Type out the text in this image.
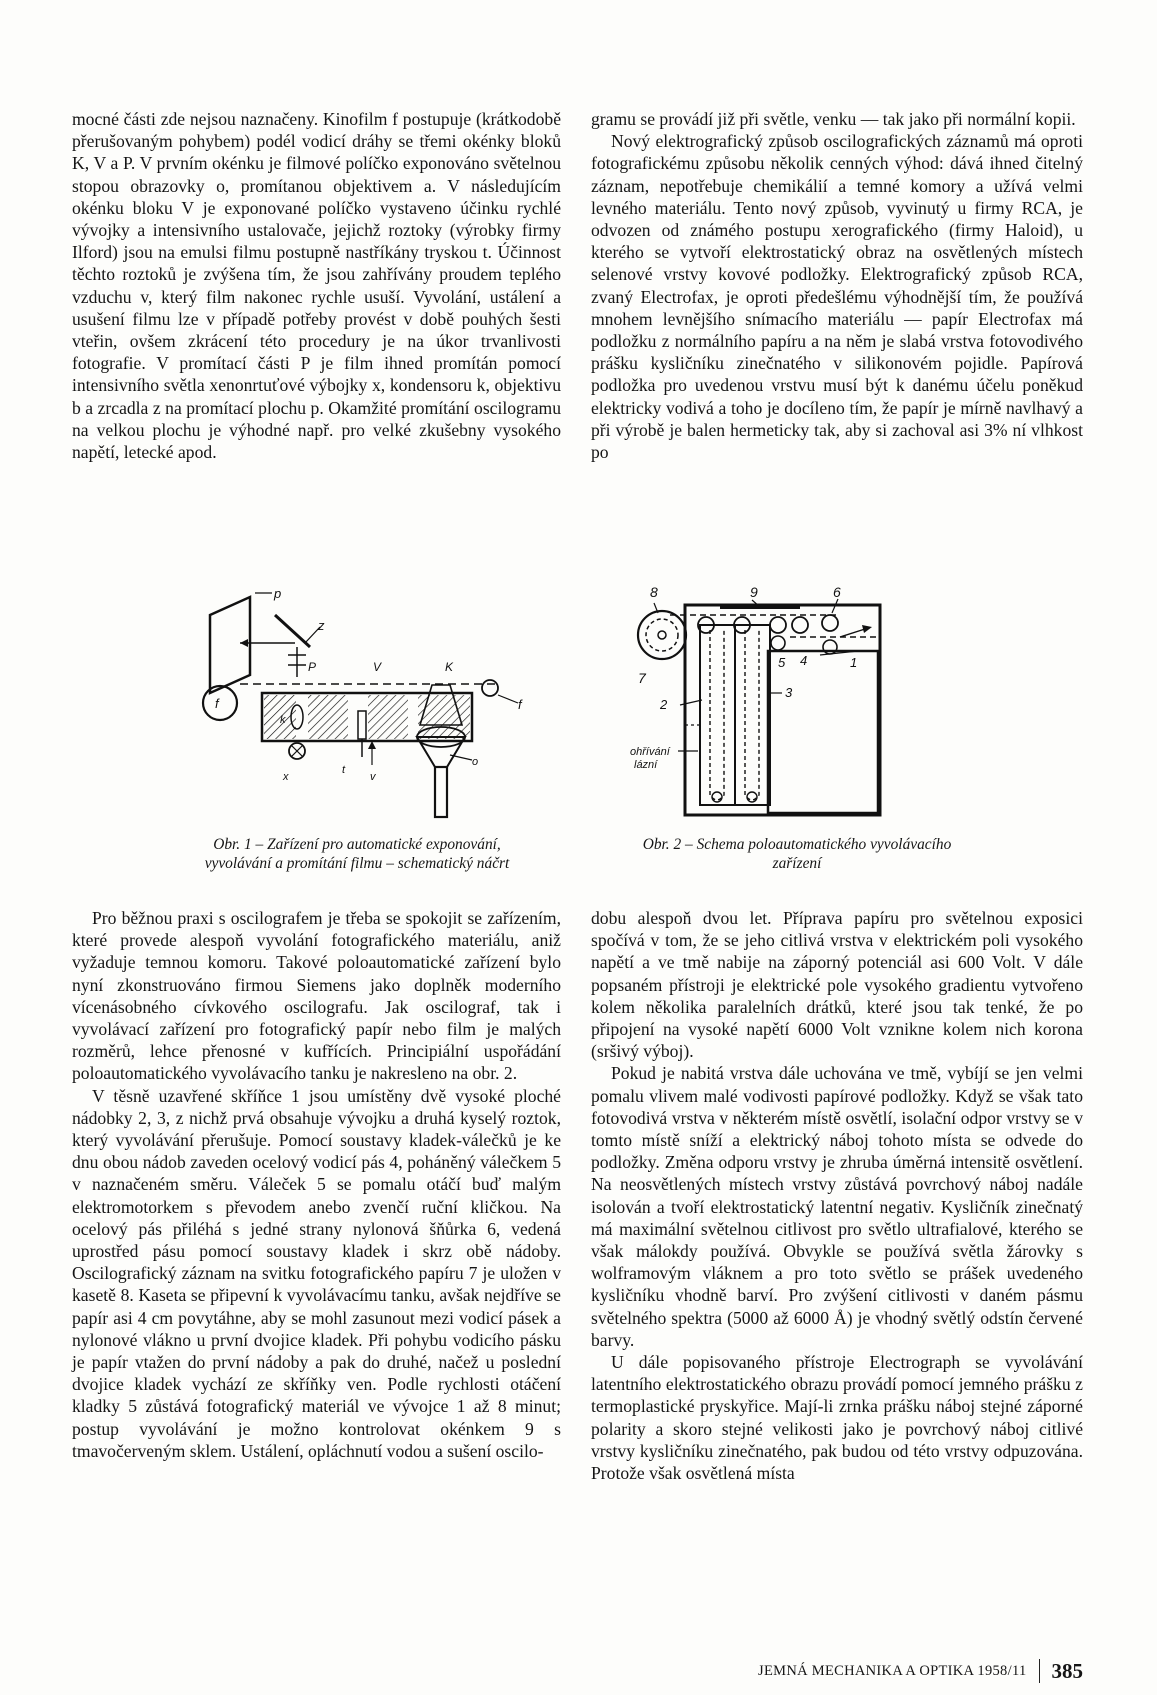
mocné části zde nejsou naznačeny. Kinofilm f postupuje (krátkodobě přerušovaným pohybem) podél vodicí dráhy se třemi okénky bloků K, V a P. V prvním okénku je filmové políčko exponováno světelnou stopou obrazovky o, promítanou objektivem a. V následujícím okénku bloku V je exponované políčko vystaveno účinku rychlé vývojky a intensivního ustalovače, jejichž roztoky (výrobky firmy Ilford) jsou na emulsi filmu postupně nastříkány tryskou t. Účinnost těchto roztoků je zvýšena tím, že jsou zahřívány proudem teplého vzduchu v, který film nakonec rychle usuší. Vyvolání, ustálení a usušení filmu lze v případě potřeby provést v době pouhých šesti vteřin, ovšem zkrácení této procedury je na úkor trvanlivosti fotografie. V promítací části P je film ihned promítán pomocí intensivního světla xenonrtuťové výbojky x, kondensoru k, objektivu b a zrcadla z na promítací plochu p. Okamžité promítání oscilogramu na velkou plochu je výhodné např. pro velké zkušebny vysokého napětí, letecké apod.

gramu se provádí již při světle, venku — tak jako při normální kopii.

Nový elektrografický způsob oscilografických záznamů má oproti fotografickému způsobu několik cenných výhod: dává ihned čitelný záznam, nepotřebuje chemikálií a temné komory a užívá velmi levného materiálu. Tento nový způsob, vyvinutý u firmy RCA, je odvozen od známého postupu xerografického (firmy Haloid), u kterého se vytvoří elektrostatický obraz na osvětlených místech selenové vrstvy kovové podložky. Elektrografický způsob RCA, zvaný Electrofax, je oproti předešlému výhodnější tím, že používá mnohem levnějšího snímacího materiálu — papír Electrofax má podložku z normálního papíru a na něm je slabá vrstva fotovodivého prášku kysličníku zinečnatého v silikonovém pojidle. Papírová podložka pro uvedenou vrstvu musí být k danému účelu poněkud elektricky vodivá a toho je docíleno tím, že papír je mírně navlhavý a při výrobě je balen hermeticky tak, aby si zachoval asi 3% ní vlhkost po

p
z
P	V	K
f	f
k
x
t
v
o
Obr. 1 – Zařízení pro automatické exponování, vyvolávání a promítání filmu – schematický náčrt
8	9	6
7
5 4	1
2
3
ohřívání
lázní
Obr. 2 – Schema poloautomatického vyvolávacího zařízení

Pro běžnou praxi s oscilografem je třeba se spokojit se zařízením, které provede alespoň vyvolání fotografického materiálu, aniž vyžaduje temnou komoru. Takové poloautomatické zařízení bylo nyní zkonstruováno firmou Siemens jako doplněk moderního vícenásobného cívkového oscilografu. Jak oscilograf, tak i vyvolávací zařízení pro fotografický papír nebo film je malých rozměrů, lehce přenosné v kufřících. Principiální uspořádání poloautomatického vyvolávacího tanku je nakresleno na obr. 2.

V těsně uzavřené skříňce 1 jsou umístěny dvě vysoké ploché nádobky 2, 3, z nichž prvá obsahuje vývojku a druhá kyselý roztok, který vyvolávání přerušuje. Pomocí soustavy kladek-válečků je ke dnu obou nádob zaveden ocelový vodicí pás 4, poháněný válečkem 5 v naznačeném směru. Váleček 5 se pomalu otáčí buď malým elektromotorkem s převodem anebo zvenčí ruční kličkou. Na ocelový pás přiléhá s jedné strany nylonová šňůrka 6, vedená uprostřed pásu pomocí soustavy kladek i skrz obě nádoby. Oscilografický záznam na svitku fotografického papíru 7 je uložen v kasetě 8. Kaseta se připevní k vyvolávacímu tanku, avšak nejdříve se papír asi 4 cm povytáhne, aby se mohl zasunout mezi vodicí pásek a nylonové vlákno u první dvojice kladek. Při pohybu vodicího pásku je papír vtažen do první nádoby a pak do druhé, načež u poslední dvojice kladek vychází ze skříňky ven. Podle rychlosti otáčení kladky 5 zůstává fotografický materiál ve vývojce 1 až 8 minut; postup vyvolávání je možno kontrolovat okénkem 9 s tmavočerveným sklem. Ustálení, opláchnutí vodou a sušení oscilo-

dobu alespoň dvou let. Příprava papíru pro světelnou exposici spočívá v tom, že se jeho citlivá vrstva v elektrickém poli vysokého napětí a ve tmě nabije na záporný potenciál asi 600 Volt. V dále popsaném přístroji je elektrické pole vysokého gradientu vytvořeno kolem několika paralelních drátků, které jsou tak tenké, že po připojení na vysoké napětí 6000 Volt vznikne kolem nich korona (sršivý výboj).

Pokud je nabitá vrstva dále uchována ve tmě, vybíjí se jen velmi pomalu vlivem malé vodivosti papírové podložky. Když se však tato fotovodivá vrstva v některém místě osvětlí, isolační odpor vrstvy se v tomto místě sníží a elektrický náboj tohoto místa se odvede do podložky. Změna odporu vrstvy je zhruba úměrná intensitě osvětlení. Na neosvětlených místech vrstvy zůstává povrchový náboj nadále isolován a tvoří elektrostatický latentní negativ. Kysličník zinečnatý má maximální světelnou citlivost pro světlo ultrafialové, kterého se však málokdy používá. Obvykle se používá světla žárovky s wolframovým vláknem a pro toto světlo se prášek uvedeného kysličníku vhodně barví. Pro zvýšení citlivosti v daném pásmu světelného spektra (5000 až 6000 Å) je vhodný světlý odstín červené barvy.

U dále popisovaného přístroje Electrograph se vyvolávání latentního elektrostatického obrazu provádí pomocí jemného prášku z termoplastické pryskyřice. Mají-li zrnka prášku náboj stejné záporné polarity a skoro stejné velikosti jako je povrchový náboj citlivé vrstvy kysličníku zinečnatého, pak budou od této vrstvy odpuzována. Protože však osvětlená místa

JEMNÁ MECHANIKA A OPTIKA 1958/11 385
